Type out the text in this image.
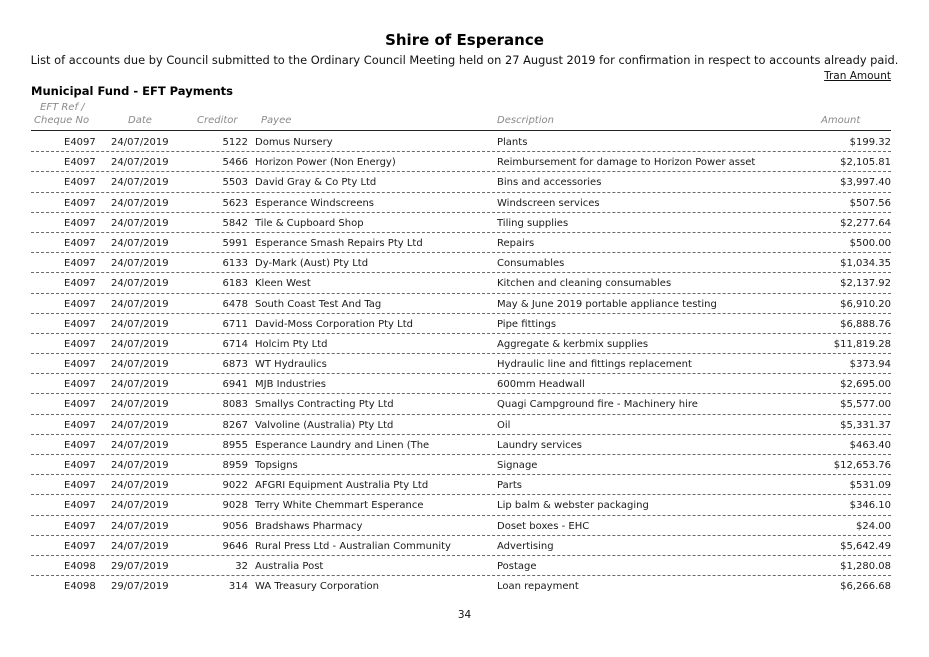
Shire of Esperance
List of accounts due by Council submitted to the Ordinary Council Meeting held on 27 August 2019 for confirmation in respect to accounts already paid.
Tran Amount
Municipal Fund - EFT Payments
EFT Ref /
Cheque No	Date	Creditor Payee	Description	Amount
E4097 24/07/2019	5122 Domus Nursery	Plants	$199.32
E4097 24/07/2019	5466 Horizon Power (Non Energy)	Reimbursement for damage to Horizon Power asset	$2,105.81
E4097 24/07/2019	5503 David Gray & Co Pty Ltd	Bins and accessories	$3,997.40
E4097 24/07/2019	5623 Esperance Windscreens	Windscreen services	$507.56
E4097 24/07/2019	5842 Tile & Cupboard Shop	Tiling supplies	$2,277.64
E4097 24/07/2019	5991 Esperance Smash Repairs Pty Ltd	Repairs	$500.00
E4097 24/07/2019	6133 Dy-Mark (Aust) Pty Ltd	Consumables	$1,034.35
E4097 24/07/2019	6183 Kleen West	Kitchen and cleaning consumables	$2,137.92
E4097 24/07/2019	6478 South Coast Test And Tag	May & June 2019 portable appliance testing	$6,910.20
E4097 24/07/2019	6711 David-Moss Corporation Pty Ltd	Pipe fittings	$6,888.76
E4097 24/07/2019	6714 Holcim Pty Ltd	Aggregate & kerbmix supplies	$11,819.28
E4097 24/07/2019	6873 WT Hydraulics	Hydraulic line and fittings replacement	$373.94
E4097 24/07/2019	6941 MJB Industries	600mm Headwall	$2,695.00
E4097 24/07/2019	8083 Smallys Contracting Pty Ltd	Quagi Campground fire - Machinery hire	$5,577.00
E4097 24/07/2019	8267 Valvoline (Australia) Pty Ltd	Oil	$5,331.37
E4097 24/07/2019	8955 Esperance Laundry and Linen (The	Laundry services	$463.40
E4097 24/07/2019	8959 Topsigns	Signage	$12,653.76
E4097 24/07/2019	9022 AFGRI Equipment Australia Pty Ltd	Parts	$531.09
E4097 24/07/2019	9028 Terry White Chemmart Esperance	Lip balm & webster packaging	$346.10
E4097 24/07/2019	9056 Bradshaws Pharmacy	Doset boxes - EHC	$24.00
E4097 24/07/2019	9646 Rural Press Ltd - Australian Community	Advertising	$5,642.49
E4098 29/07/2019	32 Australia Post	Postage	$1,280.08
E4098 29/07/2019	314 WA Treasury Corporation	Loan repayment	$6,266.68
34
